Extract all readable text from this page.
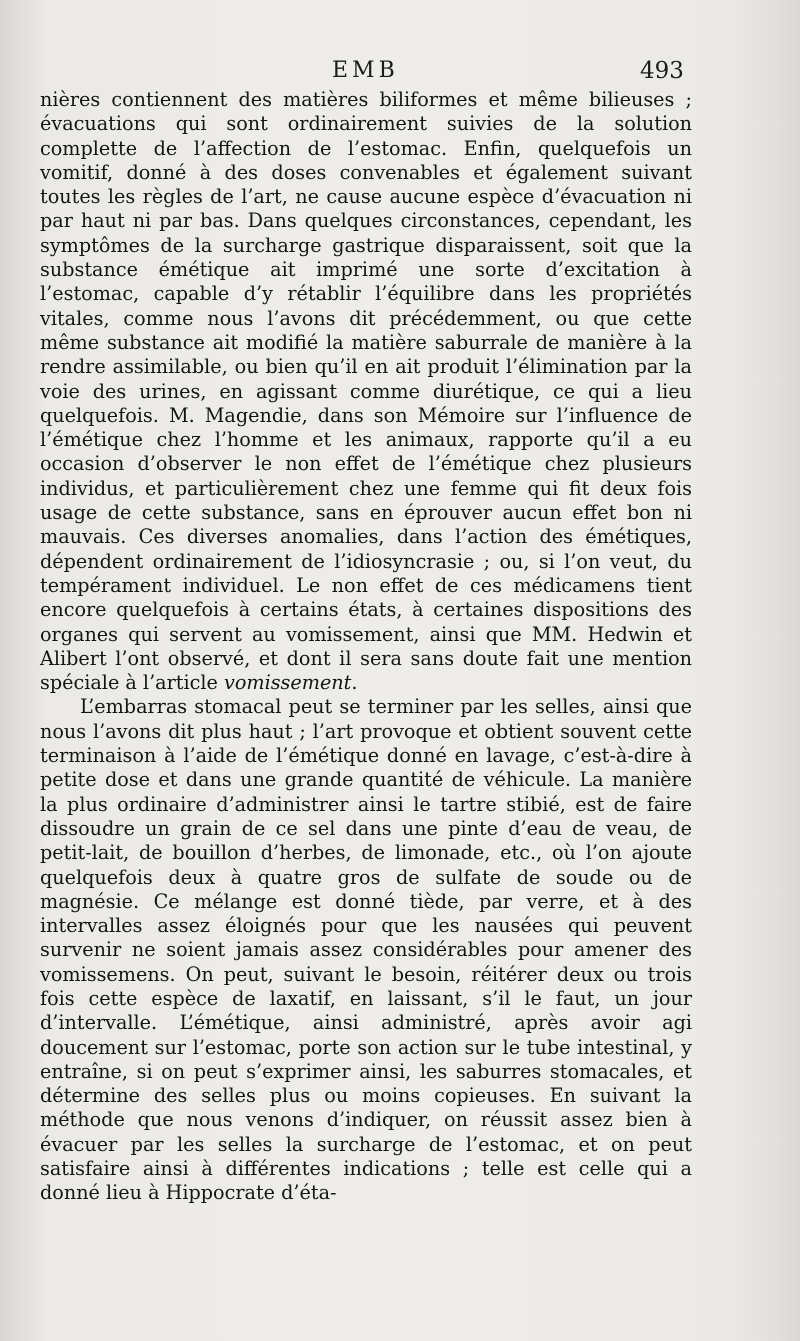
EMB	493

nières contiennent des matières biliformes et même bilieuses ; évacuations qui sont ordinairement suivies de la solution complette de l’affection de l’estomac. Enfin, quelquefois un vomitif, donné à des doses convenables et également suivant toutes les règles de l’art, ne cause aucune espèce d’évacuation ni par haut ni par bas. Dans quelques circonstances, cependant, les symptômes de la surcharge gastrique disparaissent, soit que la substance émétique ait imprimé une sorte d’excitation à l’estomac, capable d’y rétablir l’équilibre dans les propriétés vitales, comme nous l’avons dit précédemment, ou que cette même substance ait modifié la matière saburrale de manière à la rendre assimilable, ou bien qu’il en ait produit l’élimination par la voie des urines, en agissant comme diurétique, ce qui a lieu quelquefois. M. Magendie, dans son Mémoire sur l’influence de l’émétique chez l’homme et les animaux, rapporte qu’il a eu occasion d’observer le non effet de l’émétique chez plusieurs individus, et particulièrement chez une femme qui fit deux fois usage de cette substance, sans en éprouver aucun effet bon ni mauvais. Ces diverses anomalies, dans l’action des émétiques, dépendent ordinairement de l’idiosyncrasie ; ou, si l’on veut, du tempérament individuel. Le non effet de ces médicamens tient encore quelquefois à certains états, à certaines dispositions des organes qui servent au vomissement, ainsi que MM. Hedwin et Alibert l’ont observé, et dont il sera sans doute fait une mention spéciale à l’article vomissement.

L’embarras stomacal peut se terminer par les selles, ainsi que nous l’avons dit plus haut ; l’art provoque et obtient souvent cette terminaison à l’aide de l’émétique donné en lavage, c’est-à-dire à petite dose et dans une grande quantité de véhicule. La manière la plus ordinaire d’administrer ainsi le tartre stibié, est de faire dissoudre un grain de ce sel dans une pinte d’eau de veau, de petit-lait, de bouillon d’herbes, de limonade, etc., où l’on ajoute quelquefois deux à quatre gros de sulfate de soude ou de magnésie. Ce mélange est donné tiède, par verre, et à des intervalles assez éloignés pour que les nausées qui peuvent survenir ne soient jamais assez considérables pour amener des vomissemens. On peut, suivant le besoin, réitérer deux ou trois fois cette espèce de laxatif, en laissant, s’il le faut, un jour d’intervalle. L’émétique, ainsi administré, après avoir agi doucement sur l’estomac, porte son action sur le tube intestinal, y entraîne, si on peut s’exprimer ainsi, les saburres stomacales, et détermine des selles plus ou moins copieuses. En suivant la méthode que nous venons d’indiquer, on réussit assez bien à évacuer par les selles la surcharge de l’estomac, et on peut satisfaire ainsi à différentes indications ; telle est celle qui a donné lieu à Hippocrate d’éta-
